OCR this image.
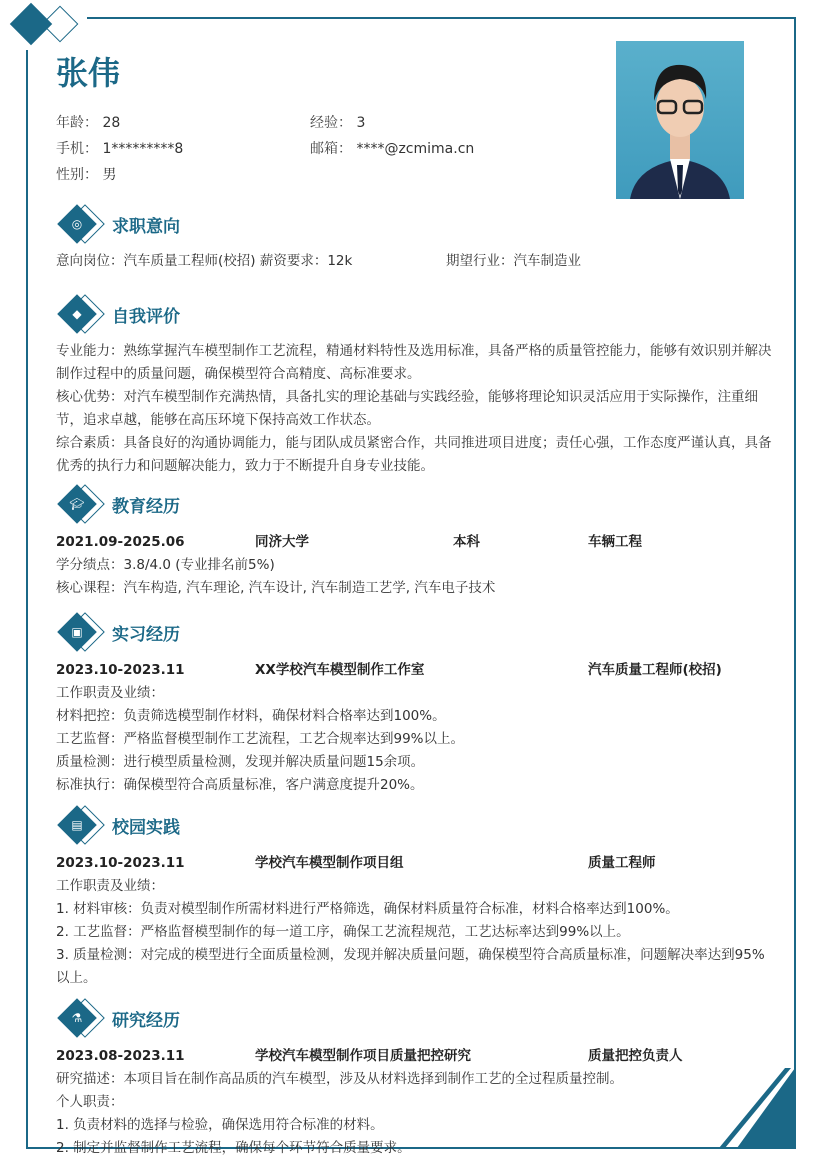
张伟
年龄： 28	经验： 3
手机： 1*********8	邮箱： ****@zcmima.cn
性别： 男
◎ 求职意向
意向岗位：汽车质量工程师(校招) 薪资要求：12k	期望行业：汽车制造业
◆	自我评价
专业能力：熟练掌握汽车模型制作工艺流程，精通材料特性及选用标准，具备严格的质量管控能力，能够有效识别并解决制作过程中的质量问题，确保模型符合高精度、高标准要求。
核心优势：对汽车模型制作充满热情，具备扎实的理论基础与实践经验，能够将理论知识灵活应用于实际操作，注重细节，追求卓越，能够在高压环境下保持高效工作状态。
综合素质：具备良好的沟通协调能力，能与团队成员紧密合作，共同推进项目进度；责任心强，工作态度严谨认真，具备优秀的执行力和问题解决能力，致力于不断提升自身专业技能。
🎓︎ 教育经历
2021.09-2025.06	同济大学	本科	车辆工程
学分绩点：3.8/4.0 (专业排名前5%)
核心课程：汽车构造, 汽车理论, 汽车设计, 汽车制造工艺学, 汽车电子技术
▣ 实习经历
2023.10-2023.11	XX学校汽车模型制作工作室	汽车质量工程师(校招)
工作职责及业绩：
材料把控：负责筛选模型制作材料，确保材料合格率达到100%。
工艺监督：严格监督模型制作工艺流程，工艺合规率达到99%以上。
质量检测：进行模型质量检测，发现并解决质量问题15余项。
标准执行：确保模型符合高质量标准，客户满意度提升20%。
▤ 校园实践
2023.10-2023.11	学校汽车模型制作项目组	质量工程师
工作职责及业绩：
1. 材料审核：负责对模型制作所需材料进行严格筛选，确保材料质量符合标准，材料合格率达到100%。
2. 工艺监督：严格监督模型制作的每一道工序，确保工艺流程规范，工艺达标率达到99%以上。
3. 质量检测：对完成的模型进行全面质量检测，发现并解决质量问题，确保模型符合高质量标准，问题解决率达到95%以上。
⚗ 研究经历
2023.08-2023.11	学校汽车模型制作项目质量把控研究	质量把控负责人
研究描述：本项目旨在制作高品质的汽车模型，涉及从材料选择到制作工艺的全过程质量控制。
个人职责：
1. 负责材料的选择与检验，确保选用符合标准的材料。
2. 制定并监督制作工艺流程，确保每个环节符合质量要求。
